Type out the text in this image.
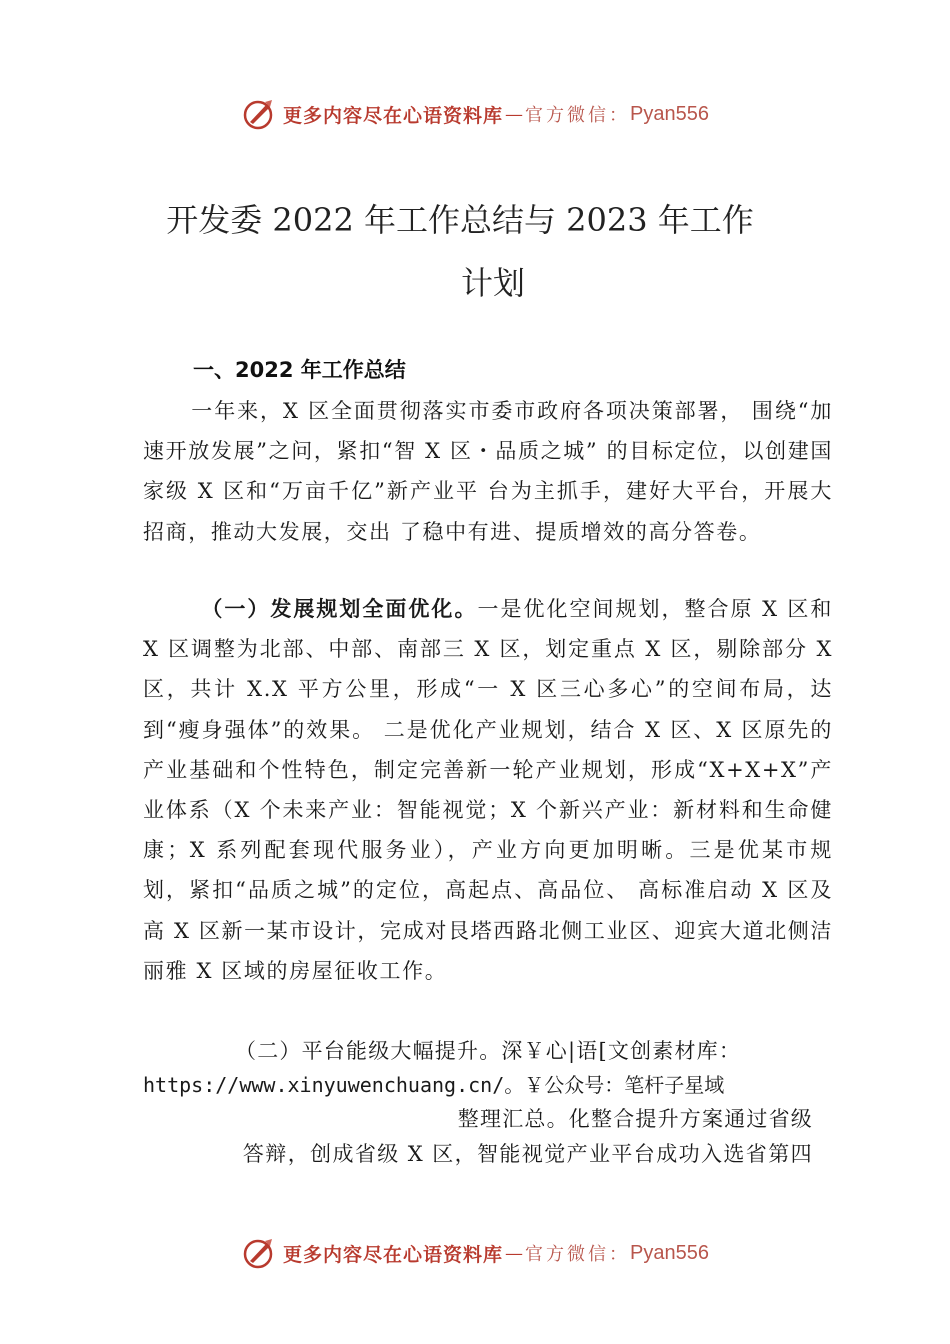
更多内容尽在心语资料库 — 官方微信： Pyan556
开发委 2022 年工作总结与 2023 年工作
计划
一、2022 年工作总结

一年来，X 区全面贯彻落实市委市政府各项决策部署， 围绕“加速开放发展”之问，紧扣“智 X 区・品质之城” 的目标定位，以创建国家级 X 区和“万亩千亿”新产业平 台为主抓手，建好大平台，开展大招商，推动大发展，交出 了稳中有进、提质增效的高分答卷。

（一）发展规划全面优化。一是优化空间规划，整合原 X 区和 X 区调整为北部、中部、南部三 X 区，划定重点 X 区，剔除部分 X 区，共计 X.X 平方公里，形成“一 X 区三心多心”的空间布局，达到“瘦身强体”的效果。 二是优化产业规划，结合 X 区、X 区原先的产业基础和个性特色，制定完善新一轮产业规划，形成“X+X+X”产业体系（X 个未来产业：智能视觉；X 个新兴产业：新材料和生命健康；X 系列配套现代服务业），产业方向更加明晰。三是优某市规划，紧扣“品质之城”的定位，高起点、高品位、 高标准启动 X 区及高 X 区新一某市设计，完成对艮塔西路北侧工业区、迎宾大道北侧洁丽雅 X 区域的房屋征收工作。

（二）平台能级大幅提升。深￥心|语[文创素材库：
https://www.xinyuwenchuang.cn/。￥公众号：笔杆子星域
整理汇总。化整合提升方案通过省级

答辩，创成省级 X 区，智能视觉产业平台成功入选省第四

更多内容尽在心语资料库 — 官方微信： Pyan556
